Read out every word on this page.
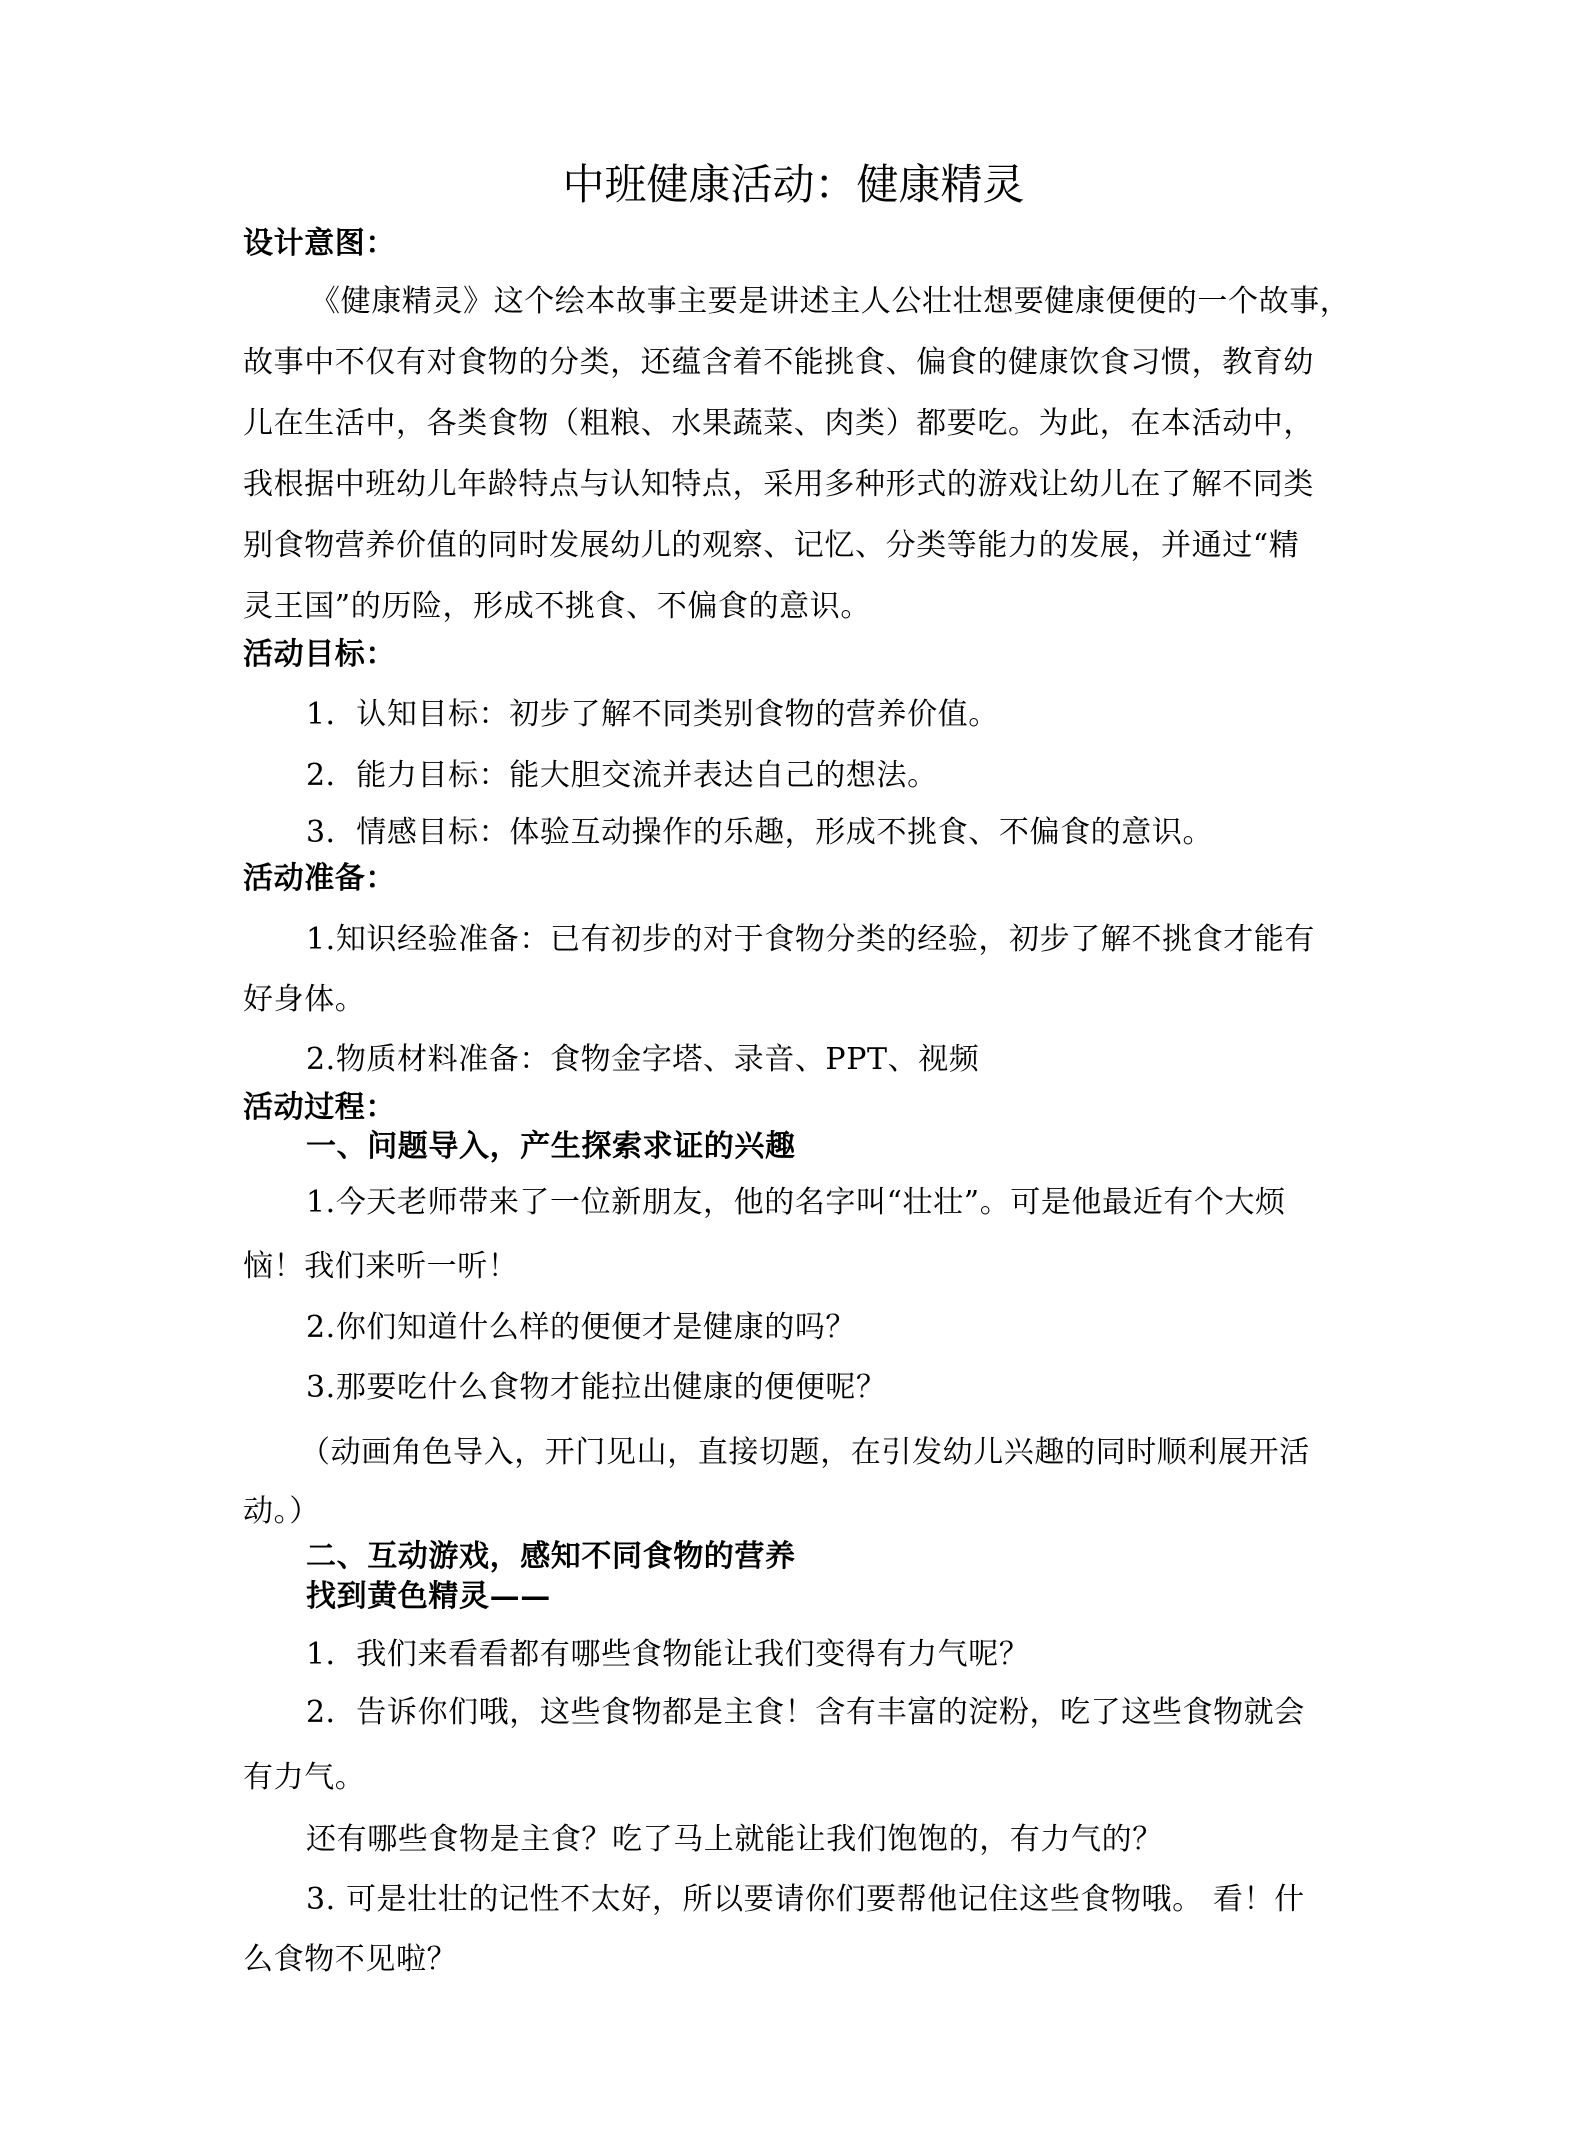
中班健康活动：健康精灵
设计意图：
《健康精灵》这个绘本故事主要是讲述主人公壮壮想要健康便便的一个故事，
故事中不仅有对食物的分类，还蕴含着不能挑食、偏食的健康饮食习惯，教育幼
儿在生活中，各类食物（粗粮、水果蔬菜、肉类）都要吃。为此，在本活动中，
我根据中班幼儿年龄特点与认知特点，采用多种形式的游戏让幼儿在了解不同类
别食物营养价值的同时发展幼儿的观察、记忆、分类等能力的发展，并通过“精
灵王国”的历险，形成不挑食、不偏食的意识。
活动目标：
1．认知目标：初步了解不同类别食物的营养价值。
2．能力目标：能大胆交流并表达自己的想法。
3．情感目标：体验互动操作的乐趣，形成不挑食、不偏食的意识。
活动准备：
1.知识经验准备：已有初步的对于食物分类的经验，初步了解不挑食才能有
好身体。
2.物质材料准备：食物金字塔、录音、PPT、视频
活动过程：
一、问题导入，产生探索求证的兴趣
1.今天老师带来了一位新朋友，他的名字叫“壮壮”。可是他最近有个大烦
恼！我们来听一听！
2.你们知道什么样的便便才是健康的吗？
3.那要吃什么食物才能拉出健康的便便呢？
（动画角色导入，开门见山，直接切题，在引发幼儿兴趣的同时顺利展开活
动。）
二、互动游戏，感知不同食物的营养
找到黄色精灵——
1．我们来看看都有哪些食物能让我们变得有力气呢？
2．告诉你们哦，这些食物都是主食！含有丰富的淀粉，吃了这些食物就会
有力气。
还有哪些食物是主食？吃了马上就能让我们饱饱的，有力气的？
3. 可是壮壮的记性不太好，所以要请你们要帮他记住这些食物哦。 看！什
么食物不见啦？
